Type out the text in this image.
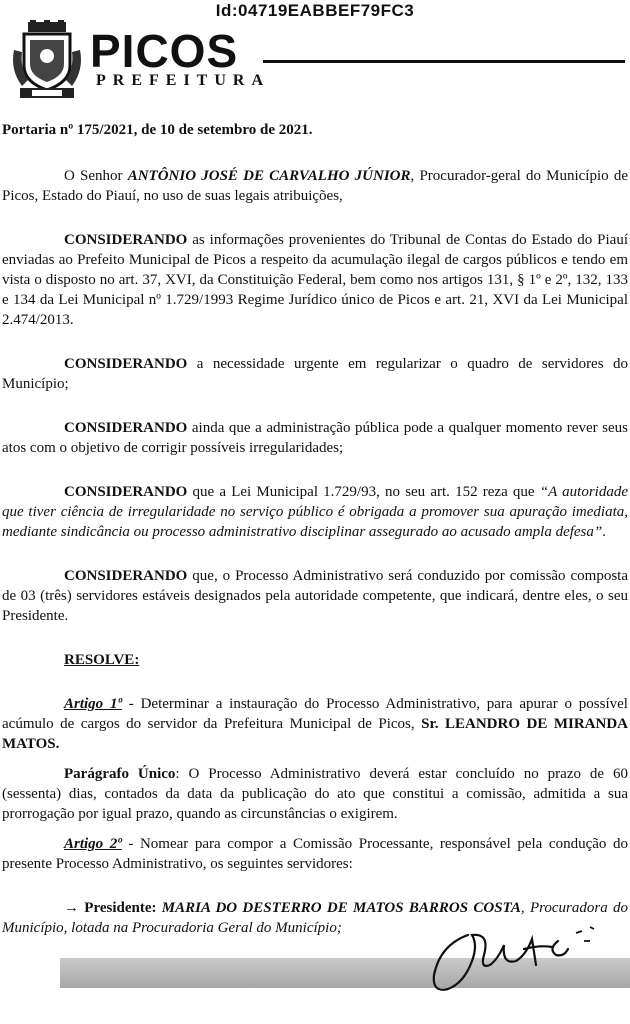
Id:04719EABBEF79FC3
PICOS
PREFEITURA
Portaria nº 175/2021, de 10 de setembro de 2021.

O Senhor ANTÔNIO JOSÉ DE CARVALHO JÚNIOR, Procurador-geral do Município de Picos, Estado do Piauí, no uso de suas legais atribuições,

CONSIDERANDO as informações provenientes do Tribunal de Contas do Estado do Piauí enviadas ao Prefeito Municipal de Picos a respeito da acumulação ilegal de cargos públicos e tendo em vista o disposto no art. 37, XVI, da Constituição Federal, bem como nos artigos 131, § 1º e 2º, 132, 133 e 134 da Lei Municipal nº 1.729/1993 Regime Jurídico único de Picos e art. 21, XVI da Lei Municipal 2.474/2013.

CONSIDERANDO a necessidade urgente em regularizar o quadro de servidores do Município;

CONSIDERANDO ainda que a administração pública pode a qualquer momento rever seus atos com o objetivo de corrigir possíveis irregularidades;

CONSIDERANDO que a Lei Municipal 1.729/93, no seu art. 152 reza que “A autoridade que tiver ciência de irregularidade no serviço público é obrigada a promover sua apuração imediata, mediante sindicância ou processo administrativo disciplinar assegurado ao acusado ampla defesa”.

CONSIDERANDO que, o Processo Administrativo será conduzido por comissão composta de 03 (três) servidores estáveis designados pela autoridade competente, que indicará, dentre eles, o seu Presidente.

RESOLVE:

Artigo 1º - Determinar a instauração do Processo Administrativo, para apurar o possível acúmulo de cargos do servidor da Prefeitura Municipal de Picos, Sr. LEANDRO DE MIRANDA MATOS.

Parágrafo Único: O Processo Administrativo deverá estar concluído no prazo de 60 (sessenta) dias, contados da data da publicação do ato que constitui a comissão, admitida a sua prorrogação por igual prazo, quando as circunstâncias o exigirem.

Artigo 2º - Nomear para compor a Comissão Processante, responsável pela condução do presente Processo Administrativo, os seguintes servidores:

→ Presidente: MARIA DO DESTERRO DE MATOS BARROS COSTA, Procuradora do Município, lotada na Procuradoria Geral do Município;
